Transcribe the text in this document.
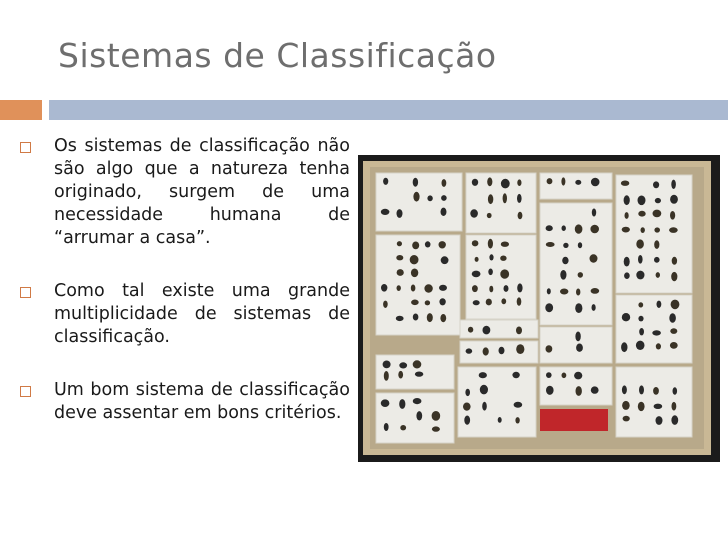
Sistemas de Classificação
Os sistemas de classificação não são algo que a natureza tenha originado, surgem de uma necessidade humana de “arrumar a casa”.
Como tal existe uma grande multiplicidade de sistemas de classificação.
Um bom sistema de classificação deve assentar em bons critérios.
